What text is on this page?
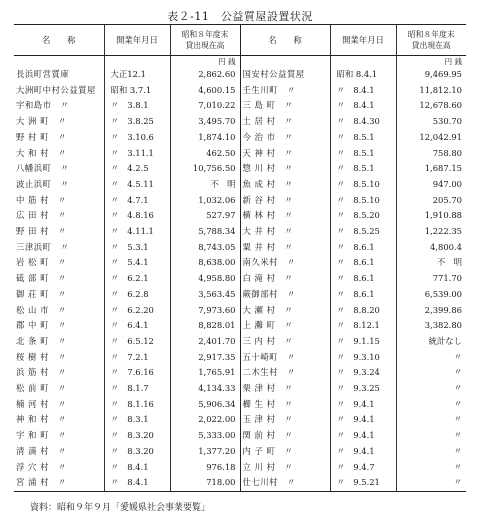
表２-11　公益質屋設置状況
名　　称	開業年月日	昭和８年度末
貸出現在高	名　　称	開業年月日	昭和８年度末
貸出現在高
		円 銭			円 銭
長浜町営質庫	大正12.1	2,862.60	国安村公益質屋	昭和 8.4.1	9,469.95
大洲町中村公益質屋	昭和 3.7.1	4,600.15	壬生川町　〃	〃　8.4.1	11,812.10
宇和島市　〃	〃　3.8.1	7,010.22	三 島 町　〃	〃　8.4.1	12,678.60
大 洲 町　〃	〃　3.8.25	3,495.70	土 居 村　〃	〃　8.4.30	530.70
野 村 町　〃	〃　3.10.6	1,874.10	今 治 市　〃	〃　8.5.1	12,042.91
大 和 村　〃	〃　3.11.1	462.50	天 神 村　〃	〃　8.5.1	758.80
八幡浜町　〃	〃　4.2.5	10,756.50	惣 川 村　〃	〃　8.5.1	1,687.15
波止浜町　〃	〃　4.5.11	不　明	魚 成 村　〃	〃　8.5.10	947.00
中 筋 村　〃	〃　4.7.1	1,032.06	新 谷 村　〃	〃　8.5.10	205.70
広 田 村　〃	〃　4.8.16	527.97	横 林 村　〃	〃　8.5.20	1,910.88
野 田 村　〃	〃　4.11.1	5,788.34	大 井 村　〃	〃　8.5.25	1,222.35
三津浜町　〃	〃　5.3.1	8,743.05	粟 井 村　〃	〃　8.6.1	4,800.4
岩 松 町　〃	〃　5.4.1	8,638.00	南久米村　〃	〃　8.6.1	不　明
砥 部 町　〃	〃　6.2.1	4,958.80	白 滝 村　〃	〃　8.6.1	771.70
御 荘 町　〃	〃　6.2.8	3,563.45	蕨御部村　〃	〃　8.6.1	6,539.00
松 山 市　〃	〃　6.2.20	7,973.60	大 瀬 村　〃	〃　8.8.20	2,399.86
郡 中 町　〃	〃　6.4.1	8,828.01	上 灘 町　〃	〃　8.12.1	3,382.80
北 条 町　〃	〃　6.5.12	2,401.70	三 内 村　〃	〃　9.1.15	統計なし
桜 樹 村　〃	〃　7.2.1	2,917.35	五十崎町　〃	〃　9.3.10	〃
浜 筋 村　〃	〃　7.6.16	1,765.91	二木生村　〃	〃　9.3.24	〃
松 前 町　〃	〃　8.1.7	4,134.33	栗 津 村　〃	〃　9.3.25	〃
楠 河 村　〃	〃　8.1.16	5,906.34	櫛 生 村　〃	〃　9.4.1	〃
神 和 村　〃	〃　8.3.1	2,022.00	玉 津 村　〃	〃　9.4.1	〃
宇 和 町　〃	〃　8.3.20	5,333.00	関 前 村　〃	〃　9.4.1	〃
清 満 村　〃	〃　8.3.20	1,377.20	内 子 町　〃	〃　9.4.1	〃
浮 穴 村　〃	〃　8.4.1	976.18	立 川 村　〃	〃　9.4.7	〃
宮 浦 村　〃	〃　8.4.1	718.00	仕七川村　〃	〃　9.5.21	〃
資料：昭和９年９月「愛媛県社会事業要覧」
